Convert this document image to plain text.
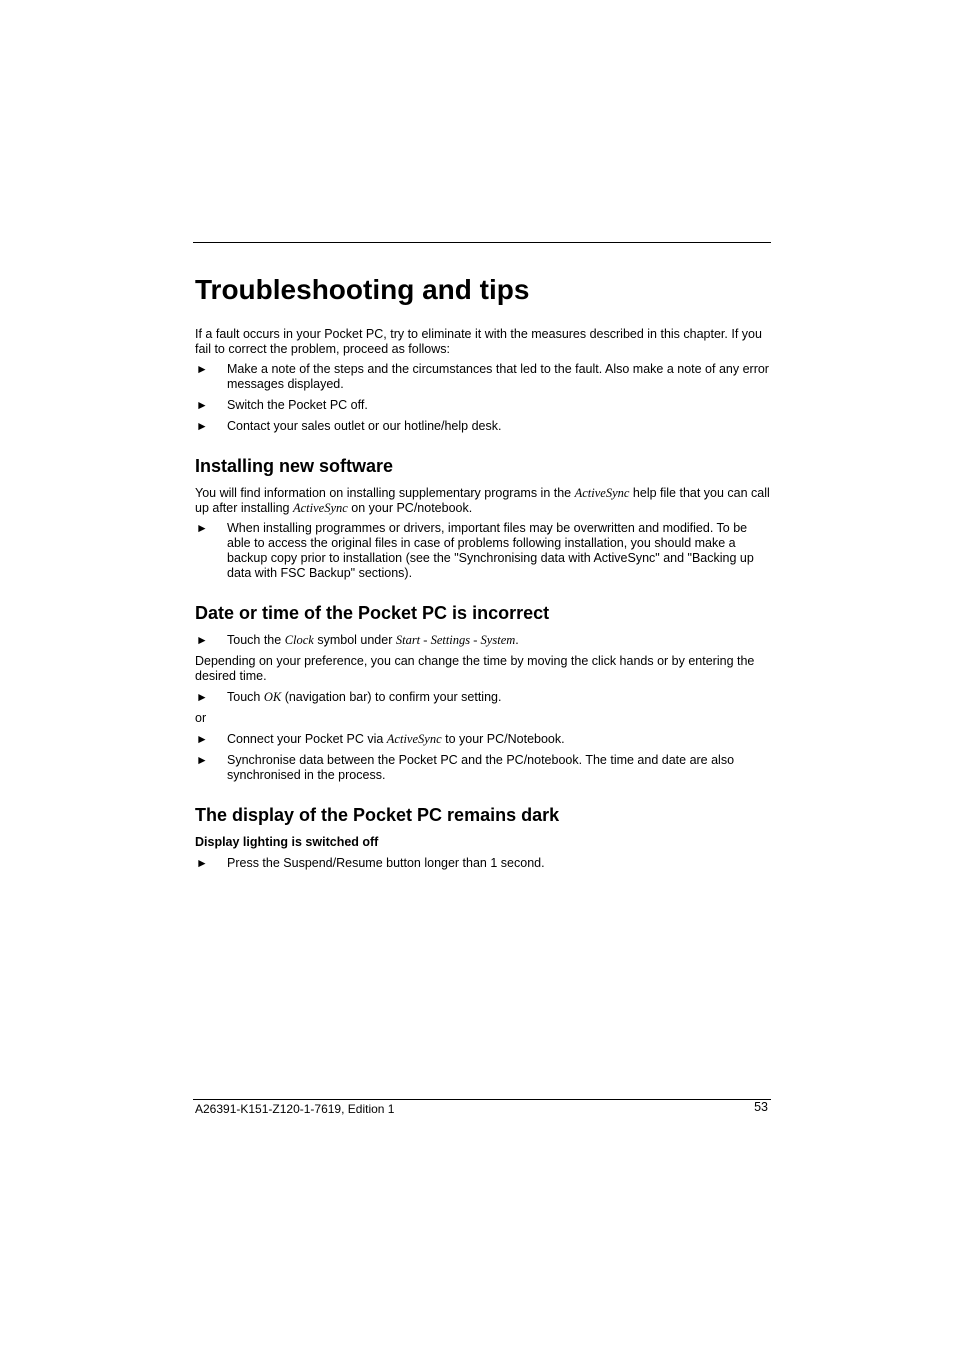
Troubleshooting and tips

If a fault occurs in your Pocket PC, try to eliminate it with the measures described in this chapter. If you fail to correct the problem, proceed as follows:

► Make a note of the steps and the circumstances that led to the fault. Also make a note of any error messages displayed.
► Switch the Pocket PC off.
► Contact your sales outlet or our hotline/help desk.
Installing new software

You will find information on installing supplementary programs in the ActiveSync help file that you can call up after installing ActiveSync on your PC/notebook.

► When installing programmes or drivers, important files may be overwritten and modified. To be able to access the original files in case of problems following installation, you should make a backup copy prior to installation (see the "Synchronising data with ActiveSync" and "Backing up data with FSC Backup" sections).
Date or time of the Pocket PC is incorrect
► Touch the Clock symbol under Start - Settings - System.

Depending on your preference, you can change the time by moving the click hands or by entering the desired time.

► Touch OK (navigation bar) to confirm your setting.

or

► Connect your Pocket PC via ActiveSync to your PC/Notebook.
► Synchronise data between the Pocket PC and the PC/notebook. The time and date are also synchronised in the process.
The display of the Pocket PC remains dark

Display lighting is switched off

► Press the Suspend/Resume button longer than 1 second.
A26391-K151-Z120-1-7619, Edition 1	53
